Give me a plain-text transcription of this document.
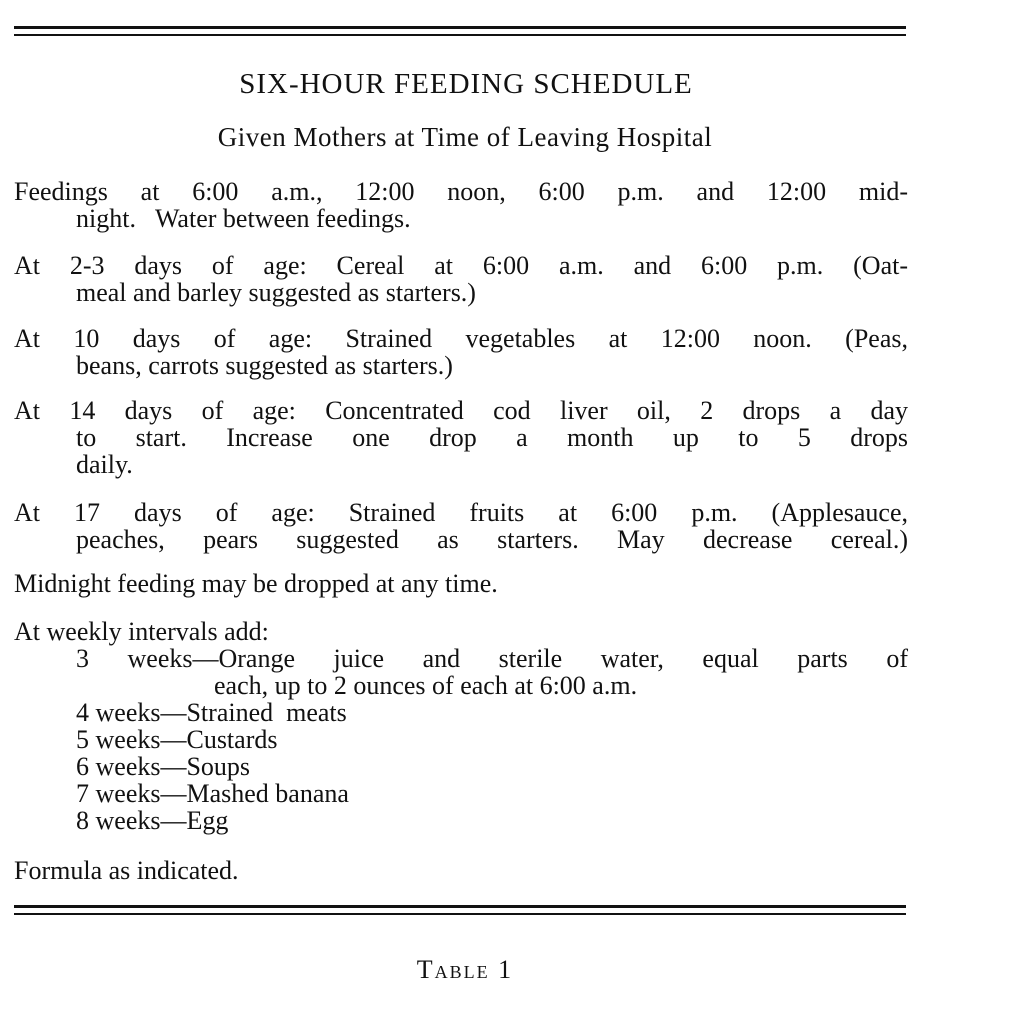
SIX-HOUR FEEDING SCHEDULE
Given Mothers at Time of Leaving Hospital
Feedings at 6:00 a.m., 12:00 noon, 6:00 p.m. and 12:00 mid-
night.   Water between feedings.
At 2-3 days of age: Cereal at 6:00 a.m. and 6:00 p.m. (Oat-
meal and barley suggested as starters.)
At 10 days of age: Strained vegetables at 12:00 noon. (Peas,
beans, carrots suggested as starters.)
At 14 days of age: Concentrated cod liver oil, 2 drops a day
to start. Increase one drop a month up to 5 drops
daily.
At 17 days of age: Strained fruits at 6:00 p.m. (Applesauce,
peaches, pears suggested as starters. May decrease cereal.)
Midnight feeding may be dropped at any time.
At weekly intervals add:
3 weeks—Orange juice and sterile water, equal parts of
each, up to 2 ounces of each at 6:00 a.m.
4 weeks—Strained  meats
5 weeks—Custards
6 weeks—Soups
7 weeks—Mashed banana
8 weeks—Egg
Formula as indicated.
Table 1
